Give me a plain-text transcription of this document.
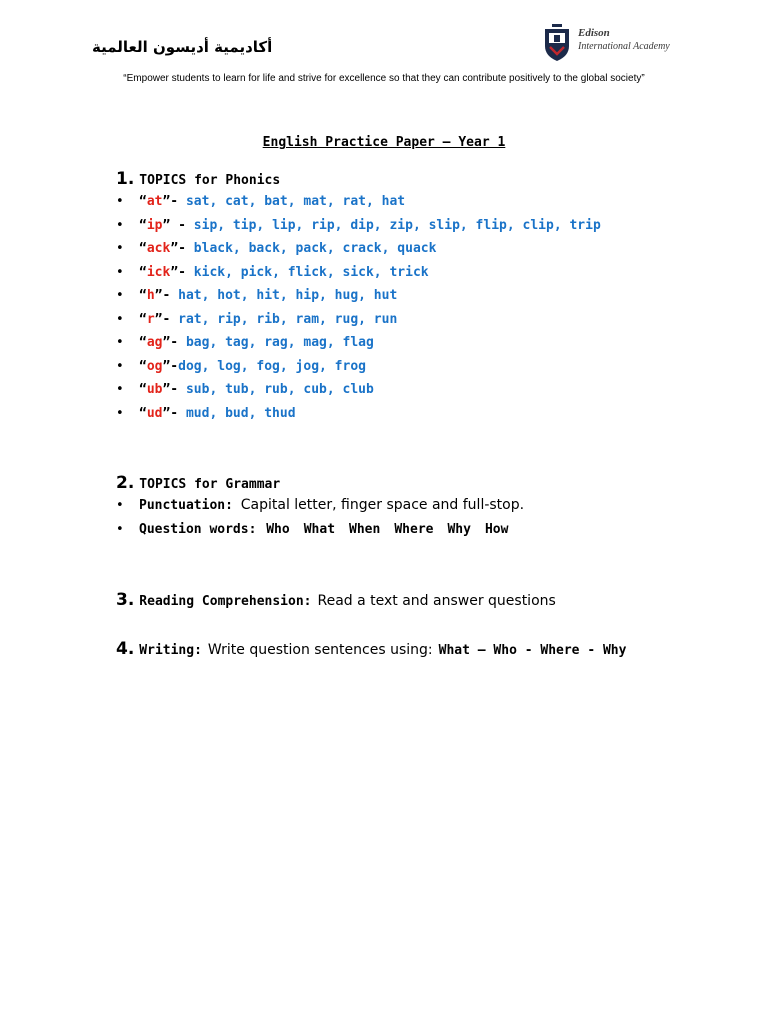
أكاديمية أديسون العالمية
Edison
International Academy
“Empower students to learn for life and strive for excellence so that they can contribute positively to the global society”
English Practice Paper – Year 1
1. TOPICS for Phonics
• “at”- sat, cat, bat, mat, rat, hat
• “ip” - sip, tip, lip, rip, dip, zip, slip, flip, clip, trip
• “ack”- black, back, pack, crack, quack
• “ick”- kick, pick, flick, sick, trick
• “h”- hat, hot, hit, hip, hug, hut
• “r”- rat, rip, rib, ram, rug, run
• “ag”- bag, tag, rag, mag, flag
• “og”-dog, log, fog, jog, frog
• “ub”- sub, tub, rub, cub, club
• “ud”- mud, bud, thud
2. TOPICS for Grammar
• Punctuation: Capital letter, finger space and full-stop.
• Question words: Who What When Where Why How
3. Reading Comprehension: Read a text and answer questions
4. Writing: Write question sentences using: What – Who - Where - Why
